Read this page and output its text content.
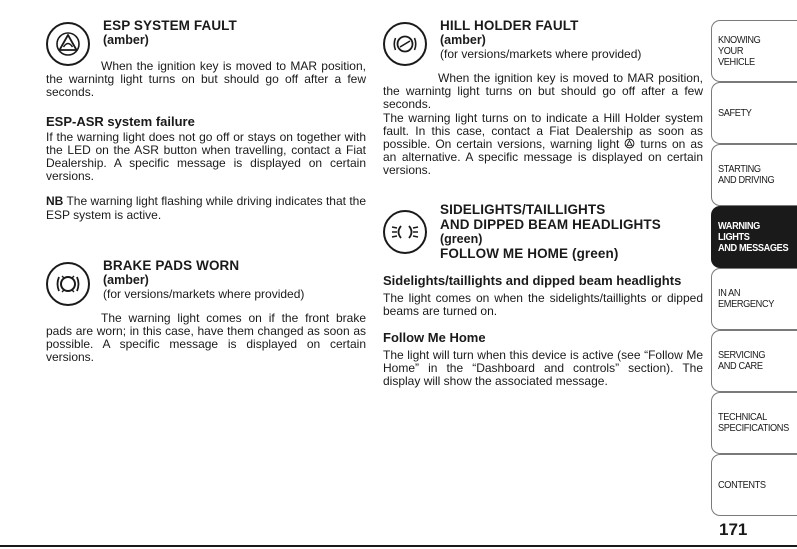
ESP SYSTEM FAULT
(amber)

When the ignition key is moved to MAR position, the warnintg light turns on but should go off after a few seconds.

ESP-ASR system failure

If the warning light does not go off or stays on together with the LED on the ASR button when travelling, contact a Fiat Dealership. A specific message is displayed on certain versions.

NB The warning light flashing while driving indicates that the ESP system is active.

BRAKE PADS WORN
(amber)
(for versions/markets where provided)

The warning light comes on if the front brake pads are worn; in this case, have them changed as soon as possible. A specific message is displayed on certain versions.

HILL HOLDER FAULT
(amber)
(for versions/markets where provided)

When the ignition key is moved to MAR position, the warnintg light turns on but should go off after a few seconds.

The warning light turns on to indicate a Hill Holder system fault. In this case, contact a Fiat Dealership as soon as possible. On certain versions, warning light  turns on as an alternative. A specific message is displayed on certain versions.

SIDELIGHTS/TAILLIGHTS
AND DIPPED BEAM HEADLIGHTS
(green)
FOLLOW ME HOME (green)

Sidelights/taillights and dipped beam headlights

The light comes on when the sidelights/taillights or dipped beams are turned on.

Follow Me Home

The light will turn when this device is active (see “Follow Me Home” in the “Dashboard and controls” section). The display will show the associated message.

KNOWING
YOUR
VEHICLE
SAFETY
STARTING
AND DRIVING
WARNING LIGHTS
AND MESSAGES
IN AN
EMERGENCY
SERVICING
AND CARE
TECHNICAL
SPECIFICATIONS
CONTENTS
171
